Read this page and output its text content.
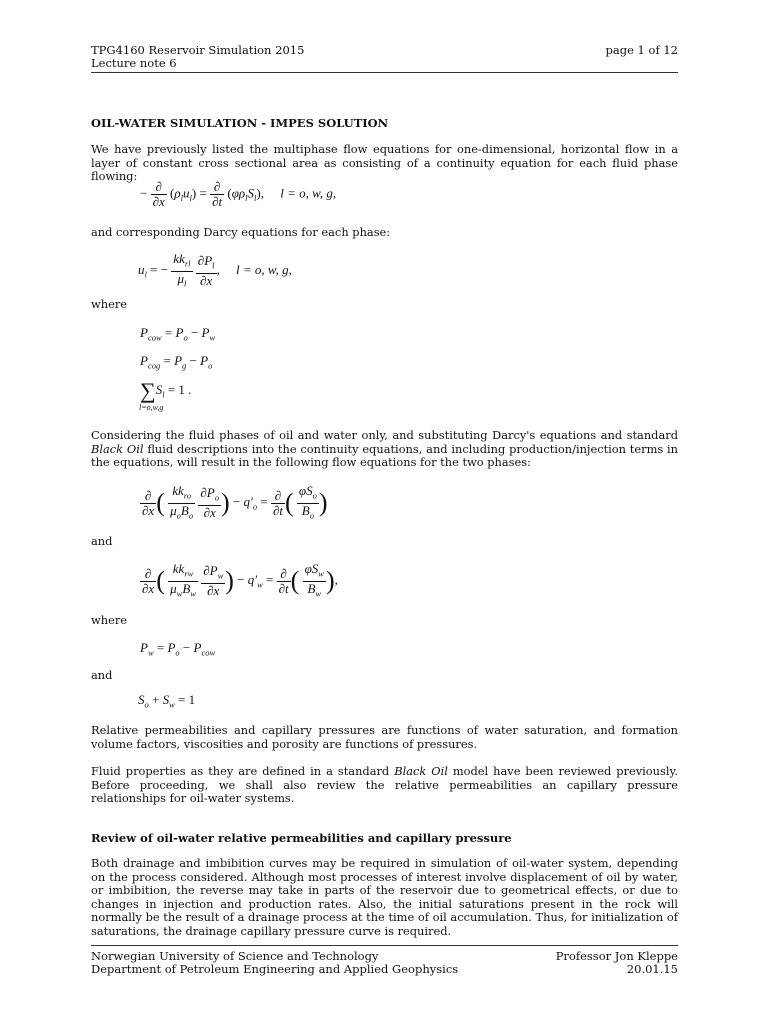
TPG4160 Reservoir Simulation 2015
Lecture note 6
page 1 of 12
OIL-WATER SIMULATION - IMPES SOLUTION
We have previously listed the multiphase flow equations for one-dimensional, horizontal flow in a layer of constant cross sectional area as consisting of a continuity equation for each fluid phase flowing:
− $\frac{\partial}{\partial x} (\rho_lu_l) = \frac{\partial}{\partial t} (\varphi\rho_lS_l)$, l = o, w, g,
and corresponding Darcy equations for each phase:
$u_l$ = − $\frac{kk_{rl}}{\mu_l}$
$\frac{\partial P_l}{\partial x}$ , l = o, w, g,
where
$P_{cow} = P_o - P_w$
$P_{cog} = P_g - P_o$
$\sum S_l = 1$ .
l=o,w,g
Considering the fluid phases of oil and water only, and substituting Darcy's equations and standard Black Oil fluid descriptions into the continuity equations, and including production/injection terms in the equations, will result in the following flow equations for the two phases:
$\frac{\partial}{\partial x}$ ( $\frac{kk_{ro}}{\mu_oB_o}$
$\frac{\partial P_o}{\partial x}$ ) − $q'_o = \frac{\partial}{\partial t}$ ( $\frac{\varphi S_o}{B_o}$ )
and
$\frac{\partial}{\partial x}$ ( $\frac{kk_{rw}}{\mu_wB_w}$
$\frac{\partial P_w}{\partial x}$ ) − $q'_w = \frac{\partial}{\partial t}$ ( $\frac{\varphi S_w}{B_w}$ ),
where
$P_w = P_o - P_{cow}$
and
$S_o + S_w = 1$
Relative permeabilities and capillary pressures are functions of water saturation, and formation volume factors, viscosities and porosity are functions of pressures.
Fluid properties as they are defined in a standard Black Oil model have been reviewed previously. Before proceeding, we shall also review the relative permeabilities an capillary pressure relationships for oil-water systems.
Review of oil-water relative permeabilities and capillary pressure
Both drainage and imbibition curves may be required in simulation of oil-water system, depending on the process considered. Although most processes of interest involve displacement of oil by water, or imbibition, the reverse may take in parts of the reservoir due to geometrical effects, or due to changes in injection and production rates. Also, the initial saturations present in the rock will normally be the result of a drainage process at the time of oil accumulation. Thus, for initialization of saturations, the drainage capillary pressure curve is required.
Norwegian University of Science and Technology
Department of Petroleum Engineering and Applied Geophysics
Professor Jon Kleppe
20.01.15
